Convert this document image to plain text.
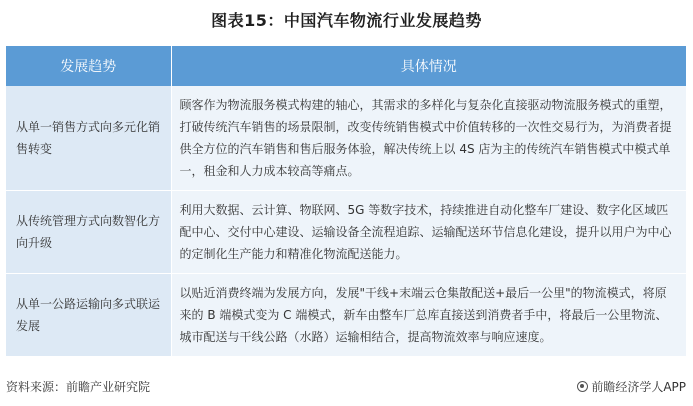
图表15：中国汽车物流行业发展趋势
发展趋势	具体情况
从单一销售方式向多元化销售转变	顾客作为物流服务模式构建的轴心，其需求的多样化与复杂化直接驱动物流服务模式的重塑，打破传统汽车销售的场景限制，改变传统销售模式中价值转移的一次性交易行为，为消费者提供全方位的汽车销售和售后服务体验，解决传统上以 4S 店为主的传统汽车销售模式中模式单一，租金和人力成本较高等痛点。
从传统管理方式向数智化方向升级	利用大数据、云计算、物联网、5G 等数字技术，持续推进自动化整车厂建设、数字化区域匹配中心、交付中心建设、运输设备全流程追踪、运输配送环节信息化建设，提升以用户为中心的定制化生产能力和精准化物流配送能力。
从单一公路运输向多式联运发展	以贴近消费终端为发展方向，发展"干线+末端云仓集散配送+最后一公里"的物流模式，将原来的 B 端模式变为 C 端模式，新车由整车厂总库直接送到消费者手中，将最后一公里物流、城市配送与干线公路（水路）运输相结合，提高物流效率与响应速度。
资料来源：前瞻产业研究院	前瞻经济学人APP
